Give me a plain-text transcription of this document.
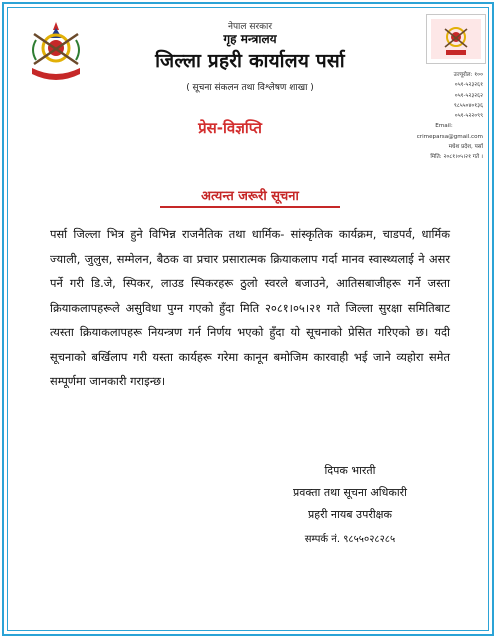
नेपाल सरकार
गृह मन्त्रालय
जिल्ला प्रहरी कार्यालय पर्सा
( सूचना संकलन तथा विश्लेषण शाखा )
उज्यूरोल: १००
०५१-५२३२६१
०५१-५२३२६२
९८५५०४०१३६
०५१-५२२०९९
Email:
crimeparsa@gmail.com
मधेश प्रदेश, पर्सा
मिति: २०८१।०५।२१ गते ।
प्रेस-विज्ञप्ति
अत्यन्त जरूरी सूचना
पर्सा जिल्ला भित्र हुने विभिन्न राजनैतिक तथा धार्मिक- सांस्कृतिक कार्यक्रम, चाडपर्व, धार्मिक ज्याली, जुलुस, सम्मेलन, बैठक वा प्रचार प्रसारात्मक क्रियाकलाप गर्दा मानव स्वास्थ्यलाई ने असर पर्ने गरी डि.जे, स्पिकर, लाउड स्पिकरहरू ठुलो स्वरले बजाउने, आतिसबाजीहरू गर्ने जस्ता क्रियाकलापहरूले असुविधा पुग्न गएको हुँदा मिति २०८१।०५।२१ गते जिल्ला सुरक्षा समितिबाट त्यस्ता क्रियाकलापहरू नियन्त्रण गर्न निर्णय भएको हुँदा यो सूचनाको प्रेसित गरिएको छ। यदी सूचनाको बर्खिलाप गरी यस्ता कार्यहरू गरेमा कानून बमोजिम कारवाही भई जाने व्यहोरा समेत सम्पूर्णमा जानकारी गराइन्छ।
दिपक भारती
प्रवक्ता तथा सूचना अधिकारी
प्रहरी नायब उपरीक्षक
सम्पर्क नं. ९८५५०२८२८५
